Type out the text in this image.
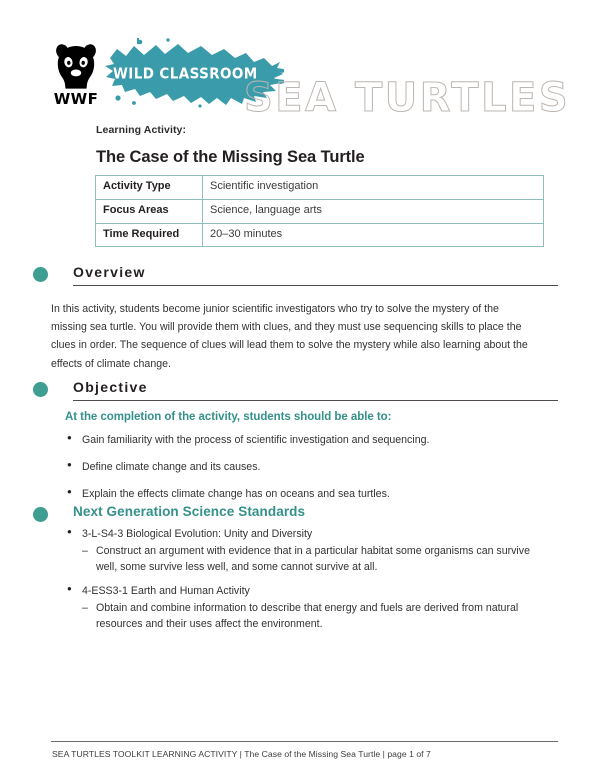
WWF
WILD CLASSROOM
SEA TURTLES
Learning Activity:
The Case of the Missing Sea Turtle
Activity Type	Scientific investigation
Focus Areas	Science, language arts
Time Required	20–30 minutes
Overview
In this activity, students become junior scientific investigators who try to solve the mystery of the missing sea turtle. You will provide them with clues, and they must use sequencing skills to place the clues in order. The sequence of clues will lead them to solve the mystery while also learning about the effects of climate change.
Objective
At the completion of the activity, students should be able to:
● Gain familiarity with the process of scientific investigation and sequencing.
● Define climate change and its causes.
● Explain the effects climate change has on oceans and sea turtles.
Next Generation Science Standards
● 3-L-S4-3 Biological Evolution: Unity and Diversity
– Construct an argument with evidence that in a particular habitat some organisms can survive well, some survive less well, and some cannot survive at all.
● 4-ESS3-1 Earth and Human Activity
– Obtain and combine information to describe that energy and fuels are derived from natural resources and their uses affect the environment.
SEA TURTLES TOOLKIT LEARNING ACTIVITY | The Case of the Missing Sea Turtle | page 1 of 7
